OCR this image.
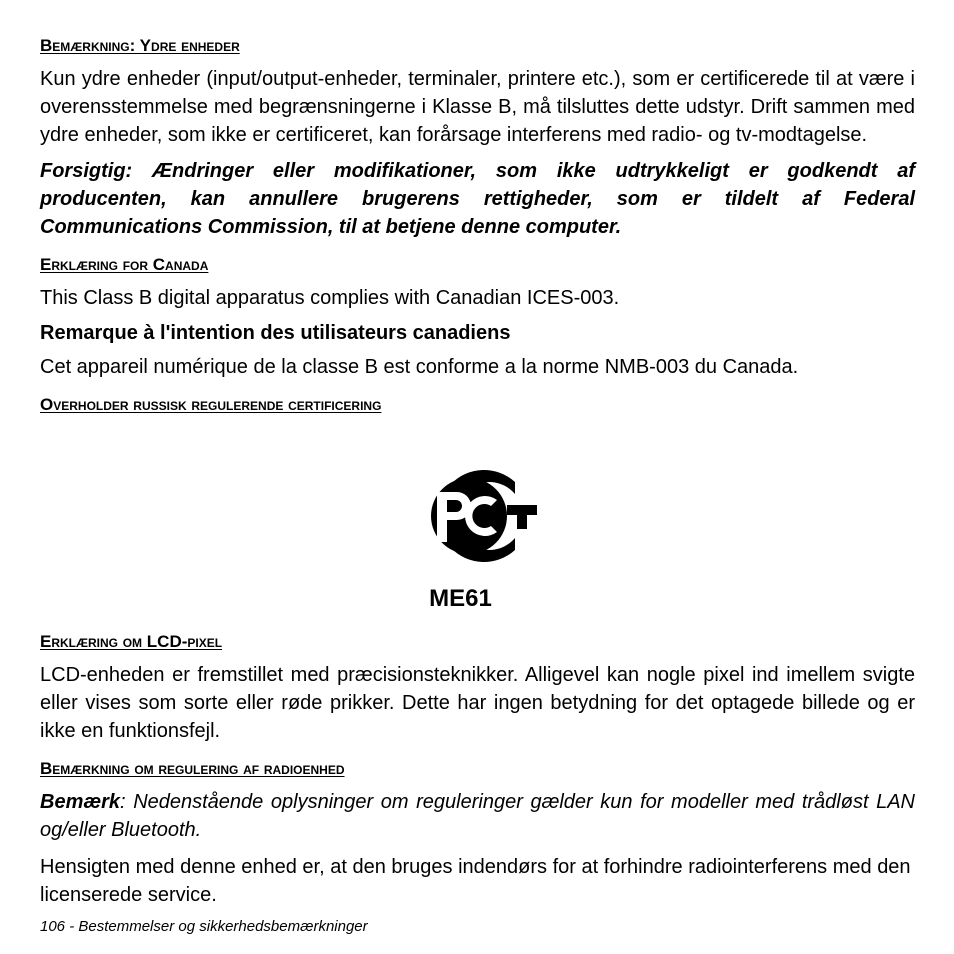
Bemærkning: Ydre enheder

Kun ydre enheder (input/output-enheder, terminaler, printere etc.), som er certificerede til at være i overensstemmelse med begrænsningerne i Klasse B, må tilsluttes dette udstyr. Drift sammen med ydre enheder, som ikke er certificeret, kan forårsage interferens med radio- og tv-modtagelse.

Forsigtig: Ændringer eller modifikationer, som ikke udtrykkeligt er godkendt af producenten, kan annullere brugerens rettigheder, som er tildelt af Federal Communications Commission, til at betjene denne computer.

Erklæring for Canada

This Class B digital apparatus complies with Canadian ICES-003.

Remarque à l'intention des utilisateurs canadiens

Cet appareil numérique de la classe B est conforme a la norme NMB-003 du Canada.

Overholder russisk regulerende certificering
ME61
Erklæring om LCD-pixel

LCD-enheden er fremstillet med præcisionsteknikker. Alligevel kan nogle pixel ind imellem svigte eller vises som sorte eller røde prikker. Dette har ingen betydning for det optagede billede og er ikke en funktionsfejl.

Bemærkning om regulering af radioenhed

Bemærk: Nedenstående oplysninger om reguleringer gælder kun for modeller med trådløst LAN og/eller Bluetooth.

Hensigten med denne enhed er, at den bruges indendørs for at forhindre radiointerferens med den licenserede service.

106 - Bestemmelser og sikkerhedsbemærkninger
